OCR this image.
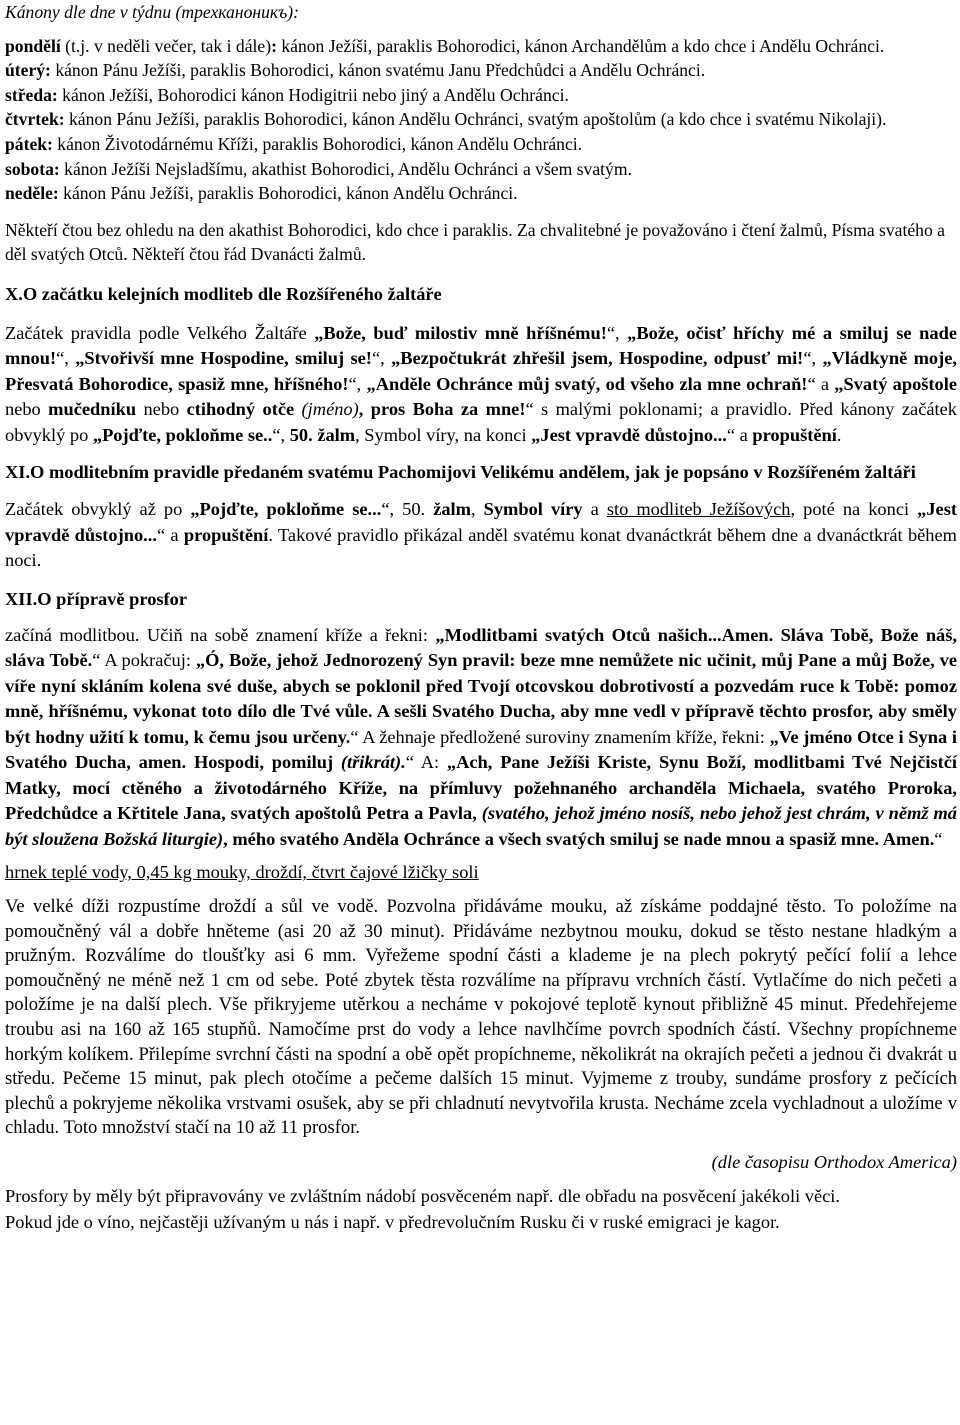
Kánony dle dne v týdnu (трехканоникъ):

pondělí (t.j. v neděli večer, tak i dále): kánon Ježíši, paraklis Bohorodici, kánon Archandělům a kdo chce i Andělu Ochránci.

úterý: kánon Pánu Ježíši, paraklis Bohorodici, kánon svatému Janu Předchůdci a Andělu Ochránci.

středa: kánon Ježíši, Bohorodici kánon Hodigitrii nebo jiný a Andělu Ochránci.

čtvrtek: kánon Pánu Ježíši, paraklis Bohorodici, kánon Andělu Ochránci, svatým apoštolům (a kdo chce i svatému Nikolaji).

pátek: kánon Životodárnému Kříži, paraklis Bohorodici, kánon Andělu Ochránci.

sobota: kánon Ježíši Nejsladšímu, akathist Bohorodici, Andělu Ochránci a všem svatým.

neděle: kánon Pánu Ježíši, paraklis Bohorodici, kánon Andělu Ochránci.

Někteří čtou bez ohledu na den akathist Bohorodici, kdo chce i paraklis. Za chvalitebné je považováno i čtení žalmů, Písma svatého a děl svatých Otců. Někteří čtou řád Dvanácti žalmů.

X.O začátku kelejních modliteb dle Rozšířeného žaltáře

Začátek pravidla podle Velkého Žaltáře „Bože, buď milostiv mně hříšnému!“, „Bože, očisť hříchy mé a smiluj se nade mnou!“, „Stvořivší mne Hospodine, smiluj se!“, „Bezpočtukrát zhřešil jsem, Hospodine, odpusť mi!“, „Vládkyně moje, Přesvatá Bohorodice, spasiž mne, hříšného!“, „Anděle Ochránce můj svatý, od všeho zla mne ochraň!“ a „Svatý apoštole nebo mučedníku nebo ctihodný otče (jméno), pros Boha za mne!“ s malými poklonami; a pravidlo. Před kánony začátek obvyklý po „Pojďte, pokloňme se..“, 50. žalm, Symbol víry, na konci „Jest vpravdě důstojno...“ a propuštění.

XI.O modlitebním pravidle předaném svatému Pachomijovi Velikému andělem, jak je popsáno v Rozšířeném žaltáři

Začátek obvyklý až po „Pojďte, pokloňme se...“, 50. žalm, Symbol víry a sto modliteb Ježíšových, poté na konci „Jest vpravdě důstojno...“ a propuštění. Takové pravidlo přikázal anděl svatému konat dvanáctkrát během dne a dvanáctkrát během noci.

XII.O přípravě prosfor

začíná modlitbou. Učiň na sobě znamení kříže a řekni: „Modlitbami svatých Otců našich...Amen. Sláva Tobě, Bože náš, sláva Tobě.“ A pokračuj: „Ó, Bože, jehož Jednorozený Syn pravil: beze mne nemůžete nic učinit, můj Pane a můj Bože, ve víře nyní skláním kolena své duše, abych se poklonil před Tvojí otcovskou dobrotivostí a pozvedám ruce k Tobě: pomoz mně, hříšnému, vykonat toto dílo dle Tvé vůle. A sešli Svatého Ducha, aby mne vedl v přípravě těchto prosfor, aby směly být hodny užití k tomu, k čemu jsou určeny.“ A žehnaje předložené suroviny znamením kříže, řekni: „Ve jméno Otce i Syna i Svatého Ducha, amen. Hospodi, pomiluj (třikrát).“ A: „Ach, Pane Ježíši Kriste, Synu Boží, modlitbami Tvé Nejčistčí Matky, mocí ctěného a životodárného Kříže, na přímluvy požehnaného archanděla Michaela, svatého Proroka, Předchůdce a Křtitele Jana, svatých apoštolů Petra a Pavla, (svatého, jehož jméno nosíš, nebo jehož jest chrám, v němž má být sloužena Božská liturgie), mého svatého Anděla Ochránce a všech svatých smiluj se nade mnou a spasiž mne. Amen.“

hrnek teplé vody, 0,45 kg mouky, droždí, čtvrt čajové lžičky soli

Ve velké díži rozpustíme droždí a sůl ve vodě. Pozvolna přidáváme mouku, až získáme poddajné těsto. To položíme na pomoučněný vál a dobře hněteme (asi 20 až 30 minut). Přidáváme nezbytnou mouku, dokud se těsto nestane hladkým a pružným. Rozválíme do tloušťky asi 6 mm. Vyřežeme spodní části a klademe je na plech pokrytý pečící folií a lehce pomoučněný ne méně než 1 cm od sebe. Poté zbytek těsta rozválíme na přípravu vrchních částí. Vytlačíme do nich pečeti a položíme je na další plech. Vše přikryjeme utěrkou a necháme v pokojové teplotě kynout přibližně 45 minut. Předehřejeme troubu asi na 160 až 165 stupňů. Namočíme prst do vody a lehce navlhčíme povrch spodních částí. Všechny propíchneme horkým kolíkem. Přilepíme svrchní části na spodní a obě opět propíchneme, několikrát na okrajích pečeti a jednou či dvakrát u středu. Pečeme 15 minut, pak plech otočíme a pečeme dalších 15 minut. Vyjmeme z trouby, sundáme prosfory z pečících plechů a pokryjeme několika vrstvami osušek, aby se při chladnutí nevytvořila krusta. Necháme zcela vychladnout a uložíme v chladu. Toto množství stačí na 10 až 11 prosfor.

(dle časopisu Orthodox America)

Prosfory by měly být připravovány ve zvláštním nádobí posvěceném např. dle obřadu na posvěcení jakékoli věci.

Pokud jde o víno, nejčastěji užívaným u nás i např. v předrevolučním Rusku či v ruské emigraci je kagor.
